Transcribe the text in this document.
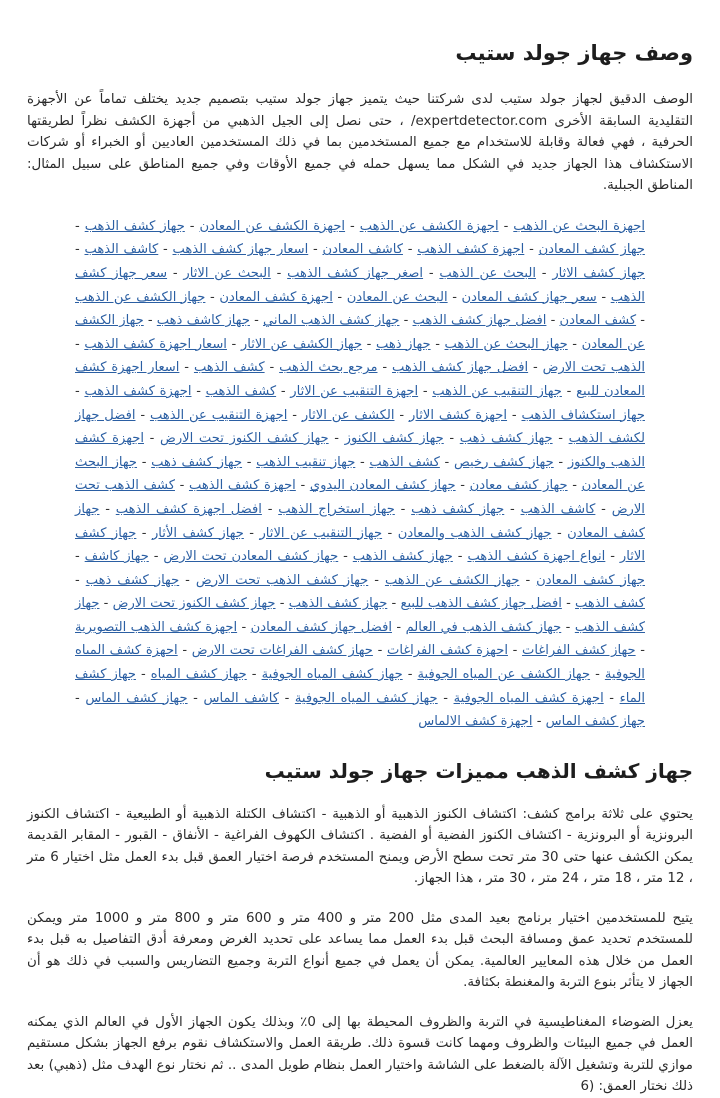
وصف جهاز جولد ستيب

الوصف الدقيق لجهاز جولد ستيب لدى شركتنا حيث يتميز جهاز جولد ستيب بتصميم جديد يختلف تماماً عن الأجهزة التقليدية السابقة الأخرى expertdetector.com/ ، حتى نصل إلى الجيل الذهبي من أجهزة الكشف نظراً لطريقتها الحرفية ، فهي فعالة وقابلة للاستخدام مع جميع المستخدمين بما في ذلك المستخدمين العاديين أو الخبراء أو شركات الاستكشاف هذا الجهاز جديد في الشكل مما يسهل حمله في جميع الأوقات وفي جميع المناطق على سبيل المثال: المناطق الجبلية.

اجهزة البحث عن الذهب - اجهزة الكشف عن الذهب - اجهزة الكشف عن المعادن - جهاز كشف الذهب - جهاز كشف المعادن - اجهزة كشف الذهب - كاشف المعادن - اسعار جهاز كشف الذهب - كاشف الذهب - جهاز كشف الاثار - البحث عن الذهب - اصغر جهاز كشف الذهب - البحث عن الاثار - سعر جهاز كشف الذهب - سعر جهاز كشف المعادن - البحث عن المعادن - اجهزة كشف المعادن - جهاز الكشف عن الذهب - كشف المعادن - افضل جهاز كشف الذهب - جهاز كشف الذهب الماني - جهاز كاشف ذهب - جهاز الكشف عن المعادن - جهاز البحث عن الذهب - جهاز ذهب - جهاز الكشف عن الاثار - اسعار اجهزة كشف الذهب - الذهب تحت الارض - افضل جهاز كشف الذهب - مرجع بحث الذهب - كشف الذهب - اسعار اجهزة كشف المعادن للبيع - جهاز التنقيب عن الذهب - اجهزة التنقيب عن الاثار - كشف الذهب - اجهزة كشف الذهب - جهاز استكشاف الذهب - اجهزة كشف الاثار - الكشف عن الاثار - اجهزة التنقيب عن الذهب - افضل جهاز لكشف الذهب - جهاز كشف ذهب - جهاز كشف الكنوز - جهاز كشف الكنوز تحت الارض - اجهزة كشف الذهب والكنوز - جهاز كشف رخيص - كشف الذهب - جهاز تنقيب الذهب - جهاز كشف ذهب - جهاز البحث عن المعادن - جهاز كشف معادن - جهاز كشف المعادن اليدوي - اجهزة كشف الذهب - كشف الذهب تحت الارض - كاشف الذهب - جهاز كشف ذهب - جهاز استخراج الذهب - افضل اجهزة كشف الذهب - جهاز كشف المعادن - جهاز كشف الذهب والمعادن - جهاز التنقيب عن الاثار - جهاز كشف الأثار - جهاز كشف الاثار - انواع اجهزة كشف الذهب - جهاز كشف الذهب - جهاز كشف المعادن تحت الارض - جهاز كاشف - جهاز كشف المعادن - جهاز الكشف عن الذهب - جهاز كشف الذهب تحت الارض - جهاز كشف ذهب - كشف الذهب - افضل جهاز كشف الذهب للبيع - جهاز كشف الذهب - جهاز كشف الكنوز تحت الارض - جهاز كشف الذهب - جهاز كشف الذهب في العالم - افضل جهاز كشف المعادن - اجهزة كشف الذهب التصويرية - جهاز كشف الفراغات - اجهزة كشف الفراغات - جهاز كشف الفراغات تحت الارض - اجهزة كشف المياه الجوفية - جهاز الكشف عن المياه الجوفية - جهاز كشف المياه الجوفية - جهاز كشف المياه - جهاز كشف الماء - اجهزة كشف المياه الجوفية - جهاز كشف المياه الجوفية - كاشف الماس - جهاز كشف الماس - جهاز كشف الماس - اجهزة كشف الالماس
جهاز كشف الذهب مميزات جهاز جولد ستيب

يحتوي على ثلاثة برامج كشف: اكتشاف الكنوز الذهبية أو الذهبية - اكتشاف الكتلة الذهبية أو الطبيعية - اكتشاف الكنوز البرونزية أو البرونزية - اكتشاف الكنوز الفضية أو الفضية . اكتشاف الكهوف الفراغية - الأنفاق - القبور - المقابر القديمة يمكن الكشف عنها حتى 30 متر تحت سطح الأرض ويمنح المستخدم فرصة اختيار العمق قبل بدء العمل مثل اختيار 6 متر ، 12 متر ، 18 متر ، 24 متر ، 30 متر ، هذا الجهاز.

يتيح للمستخدمين اختيار برنامج بعيد المدى مثل 200 متر و 400 متر و 600 متر و 800 متر و 1000 متر ويمكن للمستخدم تحديد عمق ومسافة البحث قبل بدء العمل مما يساعد على تحديد الغرض ومعرفة أدق التفاصيل به قبل بدء العمل من خلال هذه المعايير العالمية. يمكن أن يعمل في جميع أنواع التربة وجميع التضاريس والسبب في ذلك هو أن الجهاز لا يتأثر بنوع التربة والمغنطة بكثافة.

يعزل الضوضاء المغناطيسية في التربة والظروف المحيطة بها إلى 0٪ وبذلك يكون الجهاز الأول في العالم الذي يمكنه العمل في جميع البيئات والظروف ومهما كانت قسوة ذلك. طريقة العمل والاستكشاف نقوم برفع الجهاز بشكل مستقيم موازي للتربة وتشغيل الآلة بالضغط على الشاشة واختيار العمل بنظام طويل المدى .. ثم نختار نوع الهدف مثل (ذهبي) بعد ذلك نختار العمق: (6
